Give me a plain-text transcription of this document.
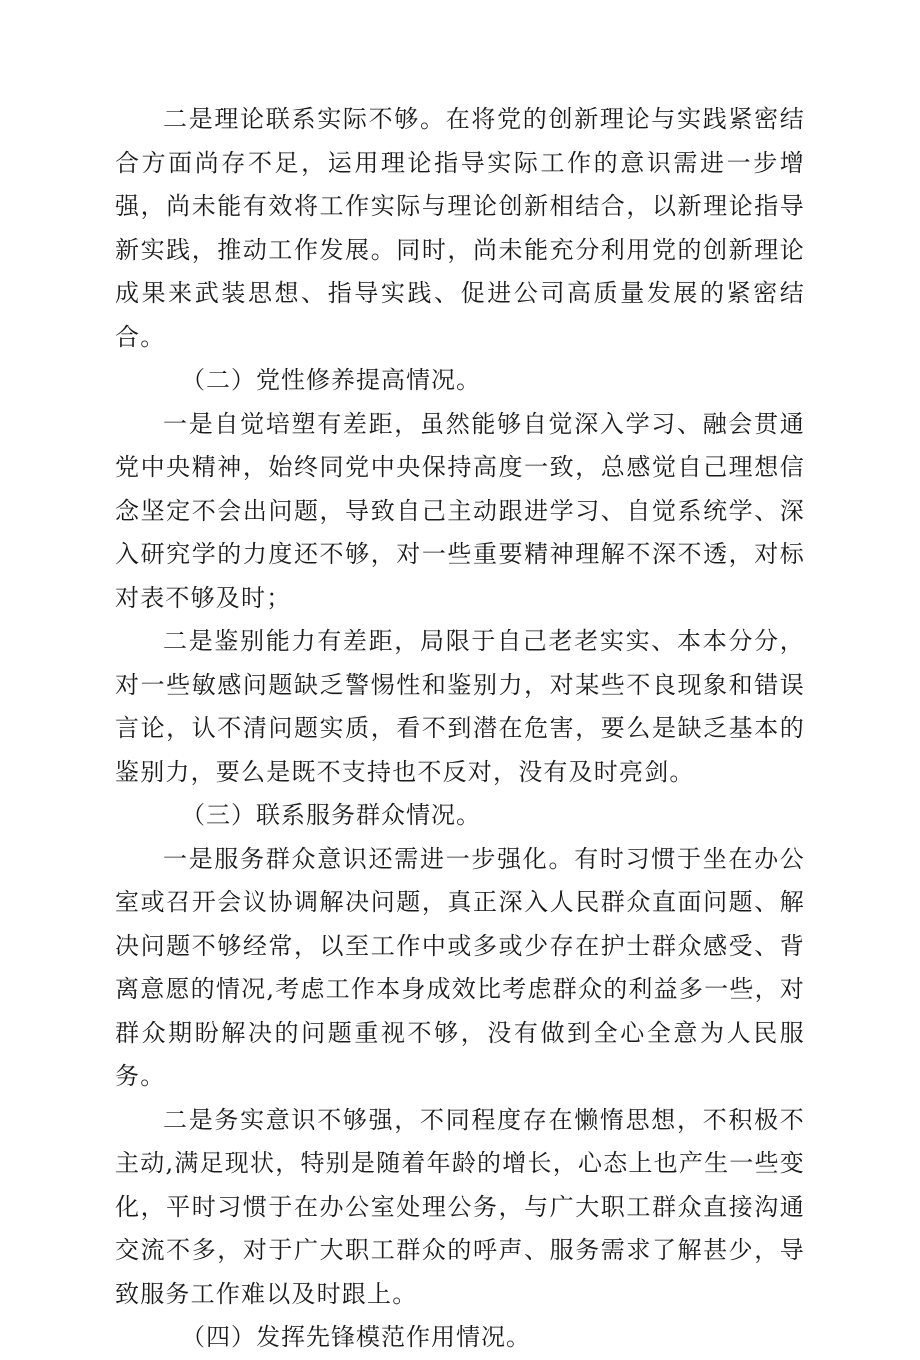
二是理论联系实际不够。在将党的创新理论与实践紧密结合方面尚存不足，运用理论指导实际工作的意识需进一步增强，尚未能有效将工作实际与理论创新相结合，以新理论指导新实践，推动工作发展。同时，尚未能充分利用党的创新理论成果来武装思想、指导实践、促进公司高质量发展的紧密结合。

（二）党性修养提高情况。

一是自觉培塑有差距，虽然能够自觉深入学习、融会贯通党中央精神，始终同党中央保持高度一致，总感觉自己理想信念坚定不会出问题，导致自己主动跟进学习、自觉系统学、深入研究学的力度还不够，对一些重要精神理解不深不透，对标对表不够及时；

二是鉴别能力有差距，局限于自己老老实实、本本分分，对一些敏感问题缺乏警惕性和鉴别力，对某些不良现象和错误言论，认不清问题实质，看不到潜在危害，要么是缺乏基本的鉴别力，要么是既不支持也不反对，没有及时亮剑。

（三）联系服务群众情况。

一是服务群众意识还需进一步强化。有时习惯于坐在办公室或召开会议协调解决问题，真正深入人民群众直面问题、解决问题不够经常，以至工作中或多或少存在护士群众感受、背离意愿的情况,考虑工作本身成效比考虑群众的利益多一些，对群众期盼解决的问题重视不够，没有做到全心全意为人民服务。

二是务实意识不够强，不同程度存在懒惰思想，不积极不主动,满足现状，特别是随着年龄的增长，心态上也产生一些变化，平时习惯于在办公室处理公务，与广大职工群众直接沟通交流不多，对于广大职工群众的呼声、服务需求了解甚少，导致服务工作难以及时跟上。

（四）发挥先锋模范作用情况。
